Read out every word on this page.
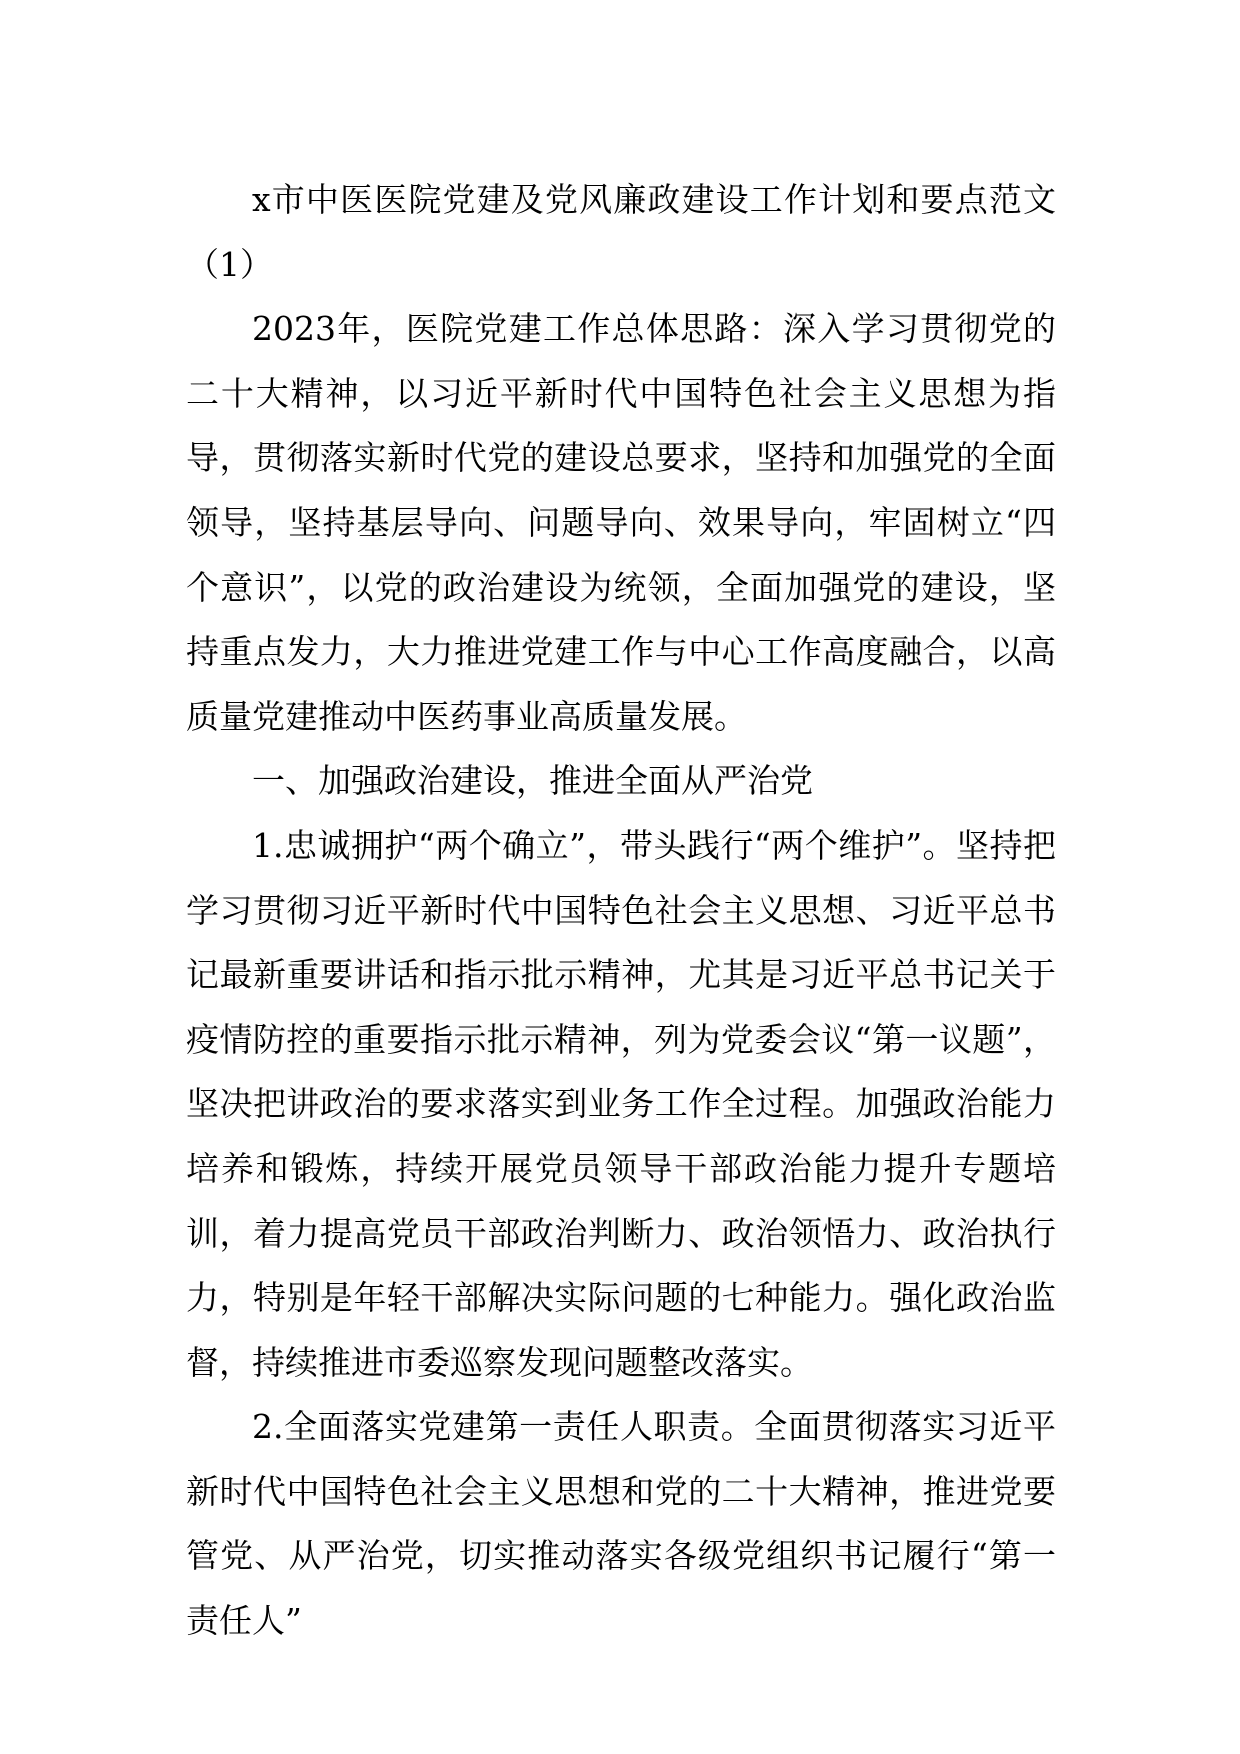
x市中医医院党建及党风廉政建设工作计划和要点范文（1）

2023年，医院党建工作总体思路：深入学习贯彻党的二十大精神，以习近平新时代中国特色社会主义思想为指导，贯彻落实新时代党的建设总要求，坚持和加强党的全面领导，坚持基层导向、问题导向、效果导向，牢固树立“四个意识”，以党的政治建设为统领，全面加强党的建设，坚持重点发力，大力推进党建工作与中心工作高度融合，以高质量党建推动中医药事业高质量发展。

一、加强政治建设，推进全面从严治党

1.忠诚拥护“两个确立”，带头践行“两个维护”。坚持把学习贯彻习近平新时代中国特色社会主义思想、习近平总书记最新重要讲话和指示批示精神，尤其是习近平总书记关于疫情防控的重要指示批示精神，列为党委会议“第一议题”，坚决把讲政治的要求落实到业务工作全过程。加强政治能力培养和锻炼，持续开展党员领导干部政治能力提升专题培训，着力提高党员干部政治判断力、政治领悟力、政治执行力，特别是年轻干部解决实际问题的七种能力。强化政治监督，持续推进市委巡察发现问题整改落实。

2.全面落实党建第一责任人职责。全面贯彻落实习近平新时代中国特色社会主义思想和党的二十大精神，推进党要管党、从严治党，切实推动落实各级党组织书记履行“第一责任人”
